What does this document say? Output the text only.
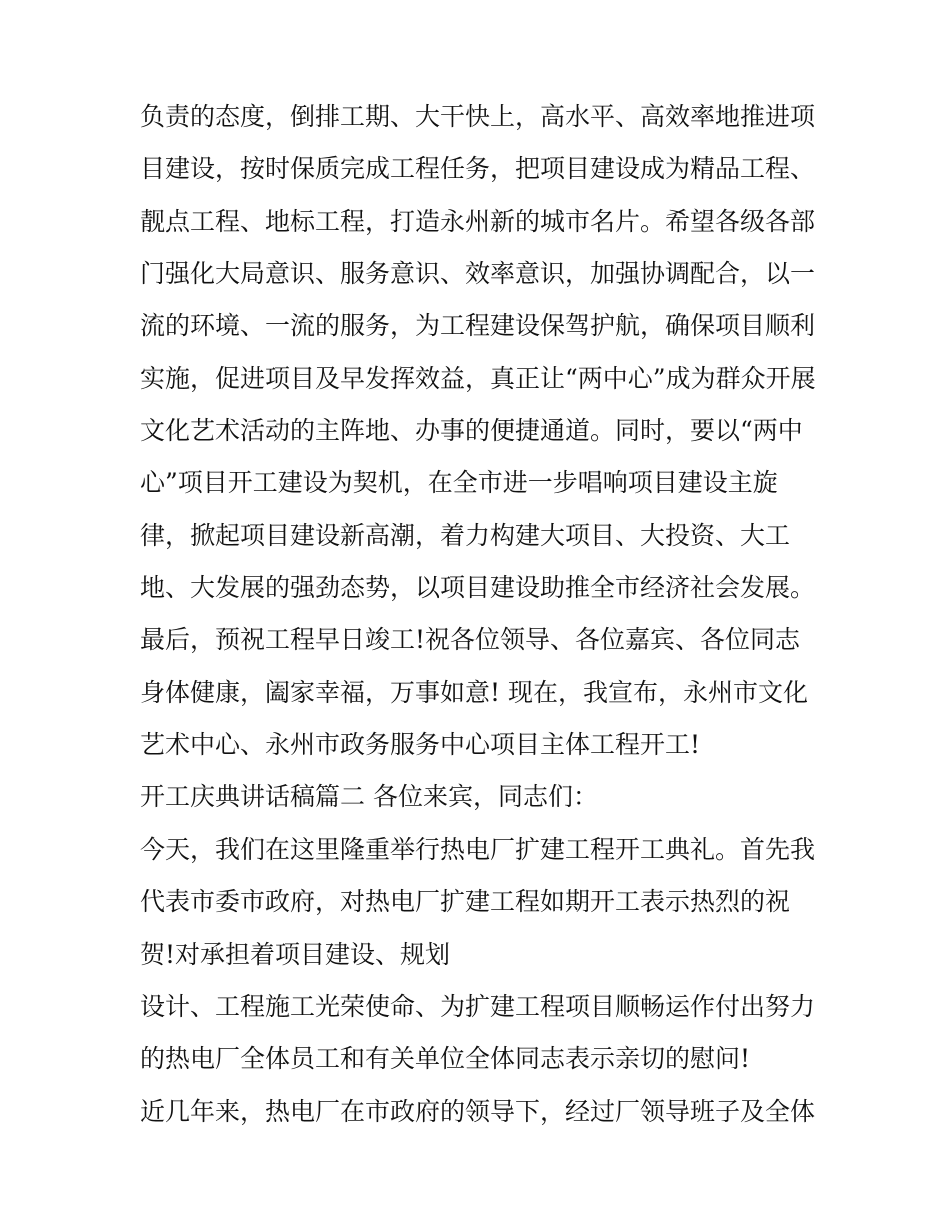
负责的态度，倒排工期、大干快上，高水平、高效率地推进项
目建设，按时保质完成工程任务，把项目建设成为精品工程、
靓点工程、地标工程，打造永州新的城市名片。希望各级各部
门强化大局意识、服务意识、效率意识，加强协调配合，以一
流的环境、一流的服务，为工程建设保驾护航，确保项目顺利
实施，促进项目及早发挥效益，真正让“两中心”成为群众开展
文化艺术活动的主阵地、办事的便捷通道。同时，要以“两中
心”项目开工建设为契机，在全市进一步唱响项目建设主旋
律，掀起项目建设新高潮，着力构建大项目、大投资、大工
地、大发展的强劲态势，以项目建设助推全市经济社会发展。
最后，预祝工程早日竣工!祝各位领导、各位嘉宾、各位同志
身体健康，阖家幸福，万事如意! 现在，我宣布，永州市文化
艺术中心、永州市政务服务中心项目主体工程开工!
开工庆典讲话稿篇二 各位来宾，同志们：
今天，我们在这里隆重举行热电厂扩建工程开工典礼。首先我
代表市委市政府，对热电厂扩建工程如期开工表示热烈的祝
贺!对承担着项目建设、规划
设计、工程施工光荣使命、为扩建工程项目顺畅运作付出努力
的热电厂全体员工和有关单位全体同志表示亲切的慰问!
近几年来，热电厂在市政府的领导下，经过厂领导班子及全体
